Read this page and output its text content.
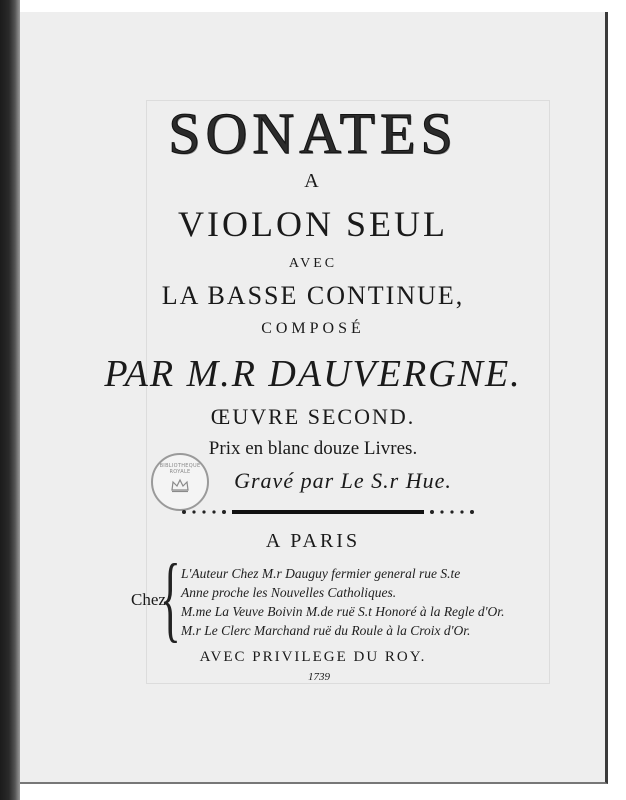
SONATES
A
VIOLON SEUL
AVEC
LA BASSE CONTINUE,
COMPOSÉ
PAR M.R DAUVERGNE.
ŒUVRE SECOND.
Prix en blanc douze Livres.
Gravé par Le S.r Hue.
BIBLIOTHEQUE ROYALE
A PARIS
Chez
{ L'Auteur Chez M.r Dauguy fermier general rue S.te
Anne proche les Nouvelles Catholiques.
M.me La Veuve Boivin M.de ruë S.t Honoré à la Regle d'Or.
M.r Le Clerc Marchand ruë du Roule à la Croix d'Or.
AVEC PRIVILEGE DU ROY.
1739
